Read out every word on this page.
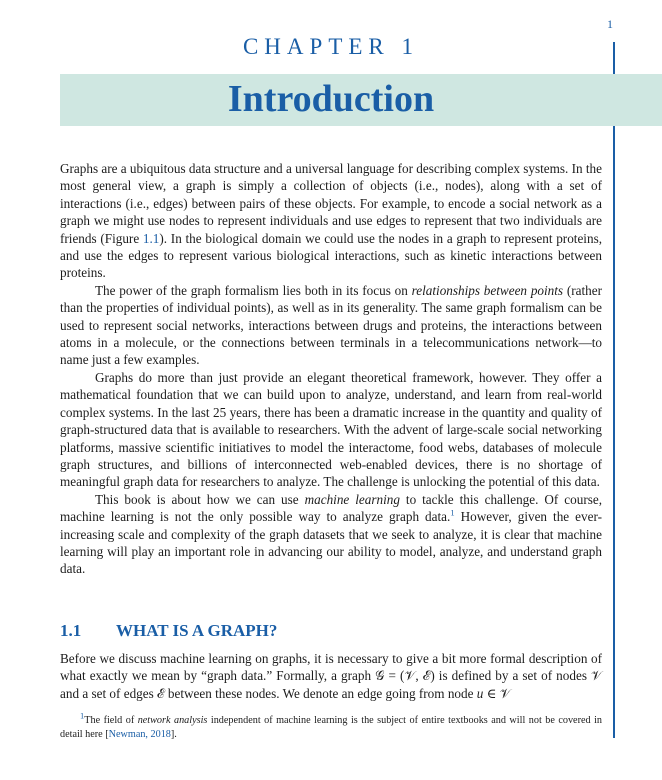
1
CHAPTER 1
Introduction

Graphs are a ubiquitous data structure and a universal language for describing complex systems. In the most general view, a graph is simply a collection of objects (i.e., nodes), along with a set of interactions (i.e., edges) between pairs of these objects. For example, to encode a social network as a graph we might use nodes to represent individuals and use edges to represent that two individuals are friends (Figure 1.1). In the biological domain we could use the nodes in a graph to represent proteins, and use the edges to represent various biological interactions, such as kinetic interactions between proteins.

The power of the graph formalism lies both in its focus on relationships between points (rather than the properties of individual points), as well as in its generality. The same graph formalism can be used to represent social networks, interactions between drugs and proteins, the interactions between atoms in a molecule, or the connections between terminals in a telecommunications network—to name just a few examples.

Graphs do more than just provide an elegant theoretical framework, however. They offer a mathematical foundation that we can build upon to analyze, understand, and learn from real-world complex systems. In the last 25 years, there has been a dramatic increase in the quantity and quality of graph-structured data that is available to researchers. With the advent of large-scale social networking platforms, massive scientific initiatives to model the interactome, food webs, databases of molecule graph structures, and billions of interconnected web-enabled devices, there is no shortage of meaningful graph data for researchers to analyze. The challenge is unlocking the potential of this data.

This book is about how we can use machine learning to tackle this challenge. Of course, machine learning is not the only possible way to analyze graph data.$^1$ However, given the ever-increasing scale and complexity of the graph datasets that we seek to analyze, it is clear that machine learning will play an important role in advancing our ability to model, analyze, and understand graph data.

1.1 WHAT IS A GRAPH?

Before we discuss machine learning on graphs, it is necessary to give a bit more formal description of what exactly we mean by “graph data.” Formally, a graph 𝒢 = (𝒱, ℰ) is defined by a set of nodes 𝒱 and a set of edges ℰ between these nodes. We denote an edge going from node u ∈ 𝒱

$^1$The field of network analysis independent of machine learning is the subject of entire textbooks and will not be covered in detail here [Newman, 2018].
